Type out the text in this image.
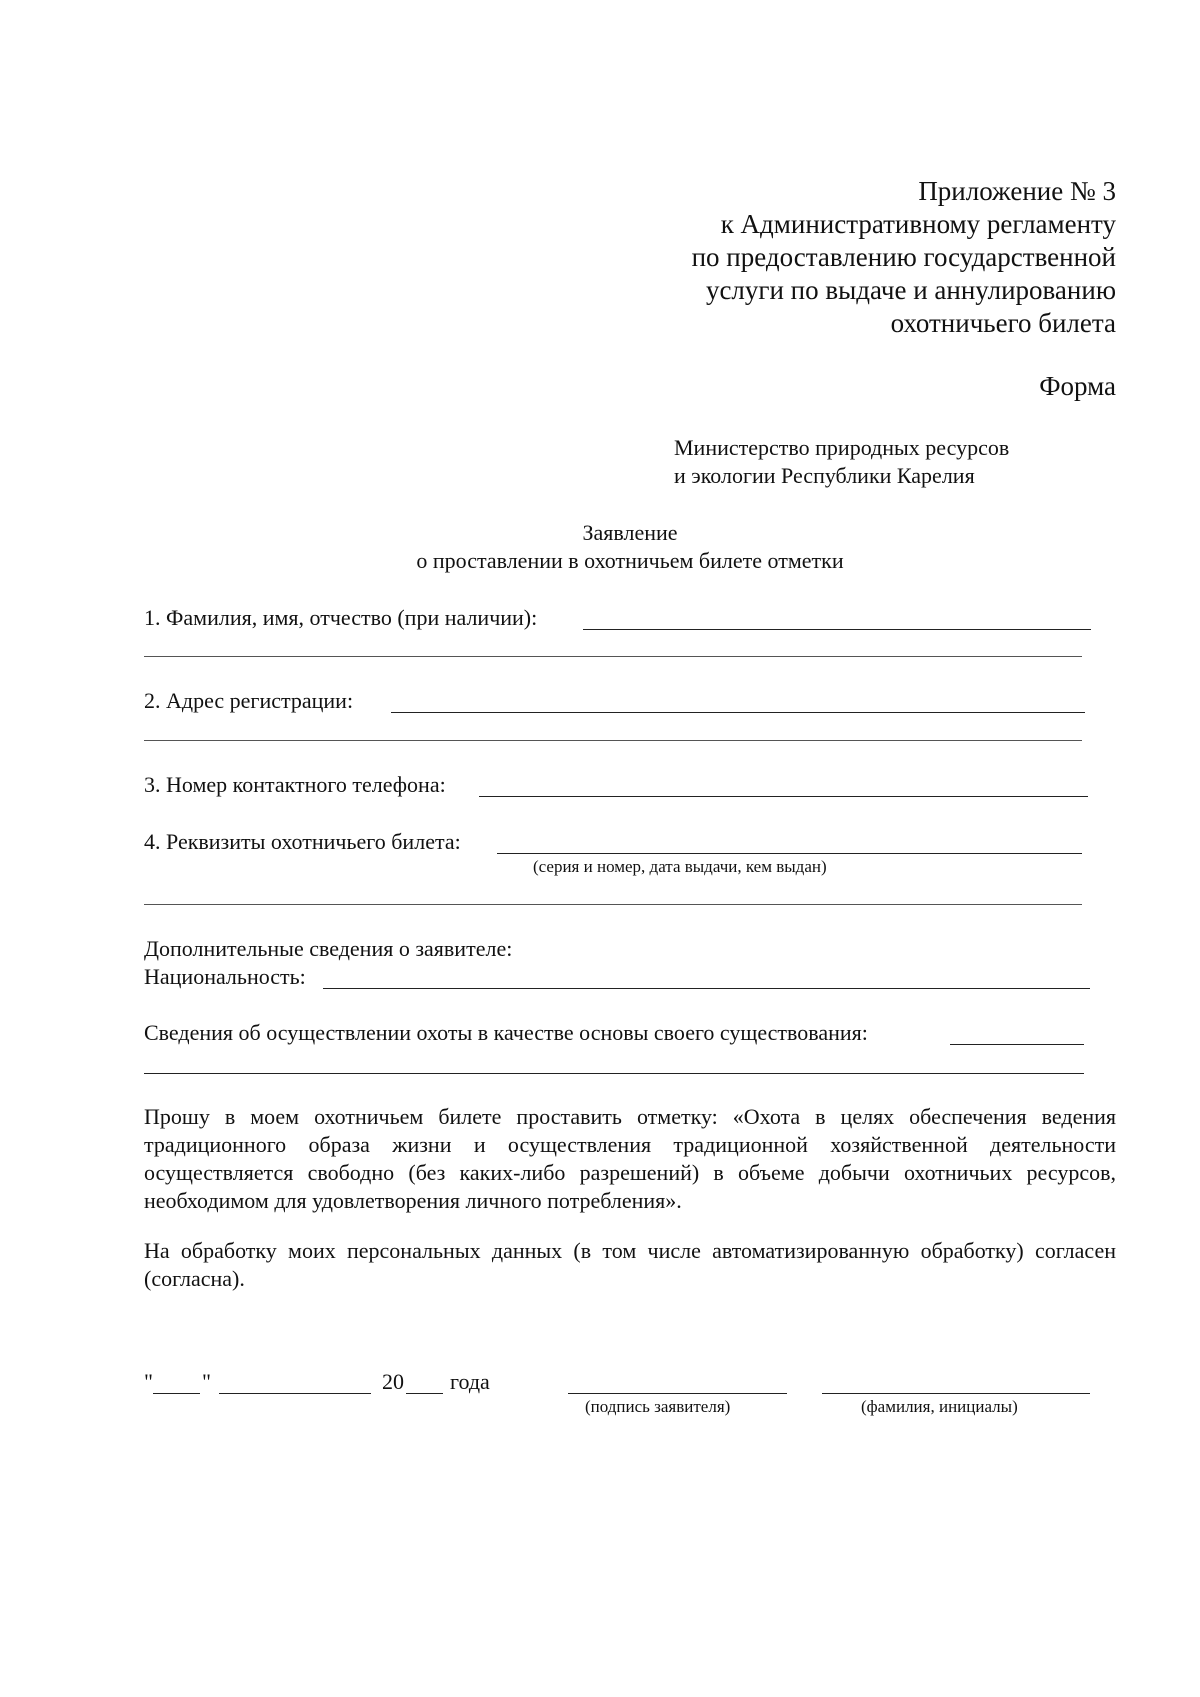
Приложение № 3
к Административному регламенту
по предоставлению государственной
услуги по выдаче и аннулированию
охотничьего билета
Форма
Министерство природных ресурсов
и экологии Республики Карелия
Заявление
о проставлении в охотничьем билете отметки
1. Фамилия, имя, отчество (при наличии):
2. Адрес регистрации:
3. Номер контактного телефона:
4. Реквизиты охотничьего билета:
(серия и номер, дата выдачи, кем выдан)
Дополнительные сведения о заявителе:
Национальность:
Сведения об осуществлении охоты в качестве основы своего существования:
Прошу в моем охотничьем билете проставить отметку: «Охота в целях обеспечения ведения традиционного образа жизни и осуществления традиционной хозяйственной деятельности осуществляется свободно (без каких-либо разрешений) в объеме добычи охотничьих ресурсов, необходимом для удовлетворения личного потребления».
На обработку моих персональных данных (в том числе автоматизированную обработку) согласен (согласна).
" "	20 года
(подпись заявителя)	(фамилия, инициалы)
